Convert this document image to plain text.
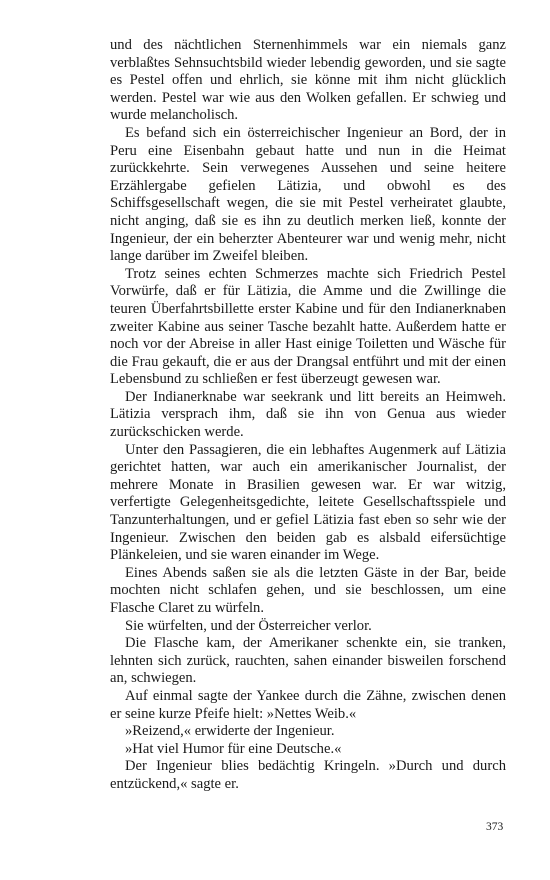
und des nächtlichen Sternenhimmels war ein niemals ganz verblaßtes Sehnsuchtsbild wieder lebendig geworden, und sie sagte es Pestel offen und ehrlich, sie könne mit ihm nicht glücklich werden. Pestel war wie aus den Wolken gefallen. Er schwieg und wurde melancholisch.

Es befand sich ein österreichischer Ingenieur an Bord, der in Peru eine Eisenbahn gebaut hatte und nun in die Heimat zurückkehrte. Sein verwegenes Aussehen und seine heitere Erzählergabe gefielen Lätizia, und obwohl es des Schiffsgesellschaft wegen, die sie mit Pestel verheiratet glaubte, nicht anging, daß sie es ihn zu deutlich merken ließ, konnte der Ingenieur, der ein beherzter Abenteurer war und wenig mehr, nicht lange darüber im Zweifel bleiben.

Trotz seines echten Schmerzes machte sich Friedrich Pestel Vorwürfe, daß er für Lätizia, die Amme und die Zwillinge die teuren Überfahrtsbillette erster Kabine und für den Indianerknaben zweiter Kabine aus seiner Tasche bezahlt hatte. Außerdem hatte er noch vor der Abreise in aller Hast einige Toiletten und Wäsche für die Frau gekauft, die er aus der Drangsal entführt und mit der einen Lebensbund zu schließen er fest überzeugt gewesen war.

Der Indianerknabe war seekrank und litt bereits an Heimweh. Lätizia versprach ihm, daß sie ihn von Genua aus wieder zurückschicken werde.

Unter den Passagieren, die ein lebhaftes Augenmerk auf Lätizia gerichtet hatten, war auch ein amerikanischer Journalist, der mehrere Monate in Brasilien gewesen war. Er war witzig, verfertigte Gelegenheitsgedichte, leitete Gesellschaftsspiele und Tanzunterhaltungen, und er gefiel Lätizia fast eben so sehr wie der Ingenieur. Zwischen den beiden gab es alsbald eifersüchtige Plänkeleien, und sie waren einander im Wege.

Eines Abends saßen sie als die letzten Gäste in der Bar, beide mochten nicht schlafen gehen, und sie beschlossen, um eine Flasche Claret zu würfeln.

Sie würfelten, und der Österreicher verlor.

Die Flasche kam, der Amerikaner schenkte ein, sie tranken, lehnten sich zurück, rauchten, sahen einander bisweilen forschend an, schwiegen.

Auf einmal sagte der Yankee durch die Zähne, zwischen denen er seine kurze Pfeife hielt: »Nettes Weib.«

»Reizend,« erwiderte der Ingenieur.

»Hat viel Humor für eine Deutsche.«

Der Ingenieur blies bedächtig Kringeln. »Durch und durch entzückend,« sagte er.

373
